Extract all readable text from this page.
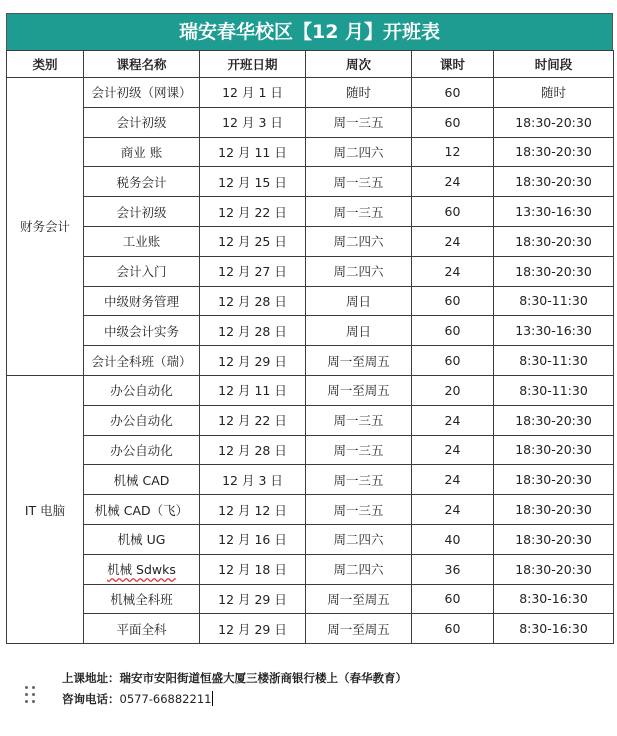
瑞安春华校区【12 月】开班表
类别	课程名称	开班日期	周次	课时	时间段
财务会计	会计初级（网课）	12 月 1 日	随时	60	随时
	会计初级	12 月 3 日	周一三五	60	18:30-20:30
	商业 账	12 月 11 日	周二四六	12	18:30-20:30
	税务会计	12 月 15 日	周一三五	24	18:30-20:30
	会计初级	12 月 22 日	周一三五	60	13:30-16:30
	工业账	12 月 25 日	周二四六	24	18:30-20:30
	会计入门	12 月 27 日	周二四六	24	18:30-20:30
	中级财务管理	12 月 28 日	周日	60	8:30-11:30
	中级会计实务	12 月 28 日	周日	60	13:30-16:30
	会计全科班（瑞）	12 月 29 日	周一至周五	60	8:30-11:30
IT 电脑	办公自动化	12 月 11 日	周一至周五	20	8:30-11:30
	办公自动化	12 月 22 日	周一三五	24	18:30-20:30
	办公自动化	12 月 28 日	周一三五	24	18:30-20:30
	机械 CAD	12 月 3 日	周一三五	24	18:30-20:30
	机械 CAD（飞）	12 月 12 日	周一三五	24	18:30-20:30
	机械 UG	12 月 16 日	周二四六	40	18:30-20:30
	机械 Sdwks	12 月 18 日	周二四六	36	18:30-20:30
	机械全科班	12 月 29 日	周一至周五	60	8:30-16:30
	平面全科	12 月 29 日	周一至周五	60	8:30-16:30
上课地址：瑞安市安阳街道恒盛大厦三楼浙商银行楼上（春华教育）
咨询电话：0577-66882211
